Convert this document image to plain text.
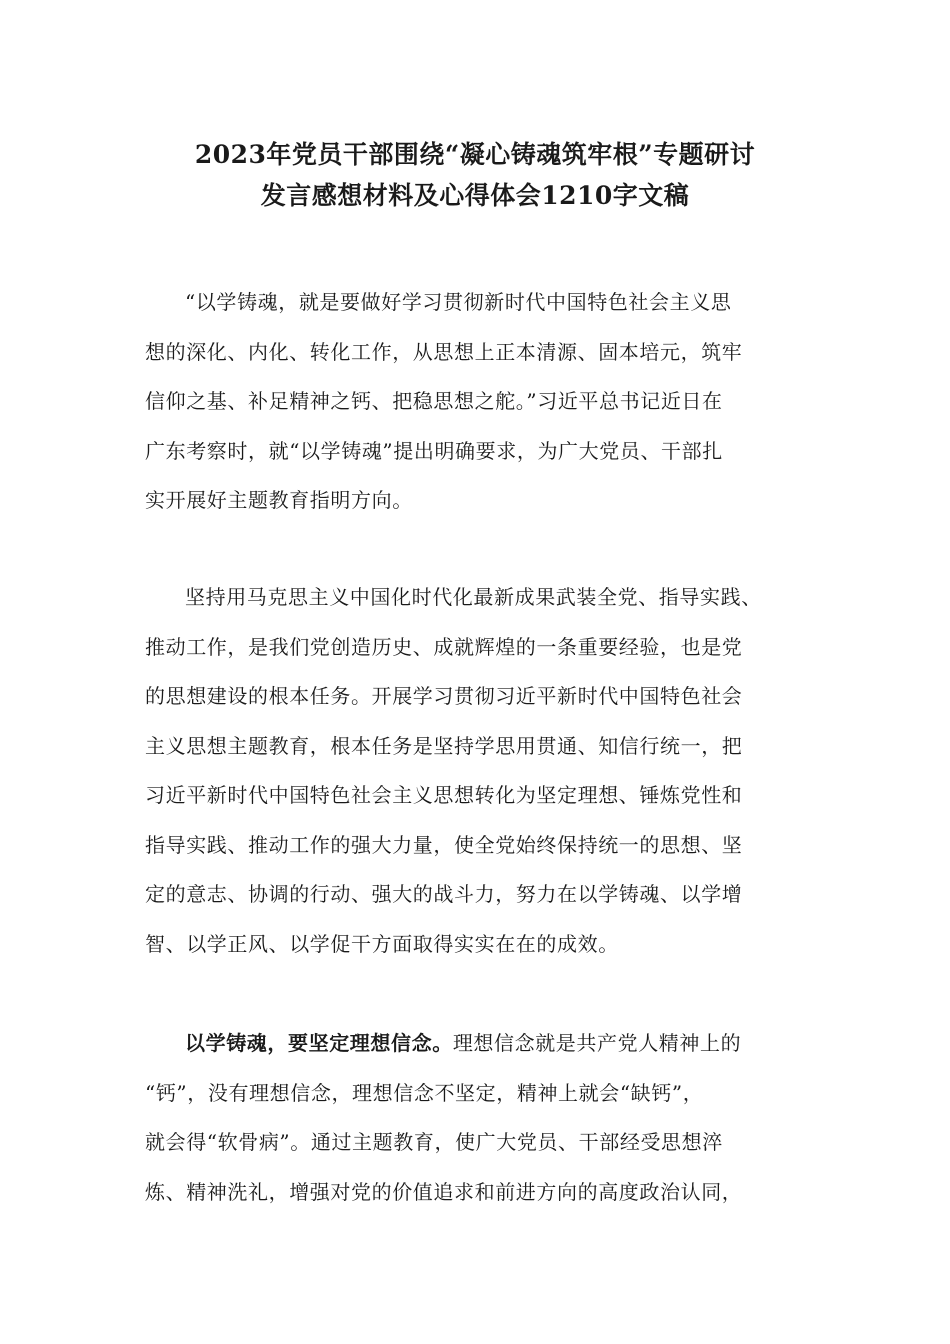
2023年党员干部围绕“凝心铸魂筑牢根”专题研讨
发言感想材料及心得体会1210字文稿
“以学铸魂，就是要做好学习贯彻新时代中国特色社会主义思
想的深化、内化、转化工作，从思想上正本清源、固本培元，筑牢
信仰之基、补足精神之钙、把稳思想之舵。”习近平总书记近日在
广东考察时，就“以学铸魂”提出明确要求，为广大党员、干部扎
实开展好主题教育指明方向。
坚持用马克思主义中国化时代化最新成果武装全党、指导实践、
推动工作，是我们党创造历史、成就辉煌的一条重要经验，也是党
的思想建设的根本任务。开展学习贯彻习近平新时代中国特色社会
主义思想主题教育，根本任务是坚持学思用贯通、知信行统一，把
习近平新时代中国特色社会主义思想转化为坚定理想、锤炼党性和
指导实践、推动工作的强大力量，使全党始终保持统一的思想、坚
定的意志、协调的行动、强大的战斗力，努力在以学铸魂、以学增
智、以学正风、以学促干方面取得实实在在的成效。
以学铸魂，要坚定理想信念。理想信念就是共产党人精神上的
“钙”，没有理想信念，理想信念不坚定，精神上就会“缺钙”，
就会得“软骨病”。通过主题教育，使广大党员、干部经受思想淬
炼、精神洗礼，增强对党的价值追求和前进方向的高度政治认同，
